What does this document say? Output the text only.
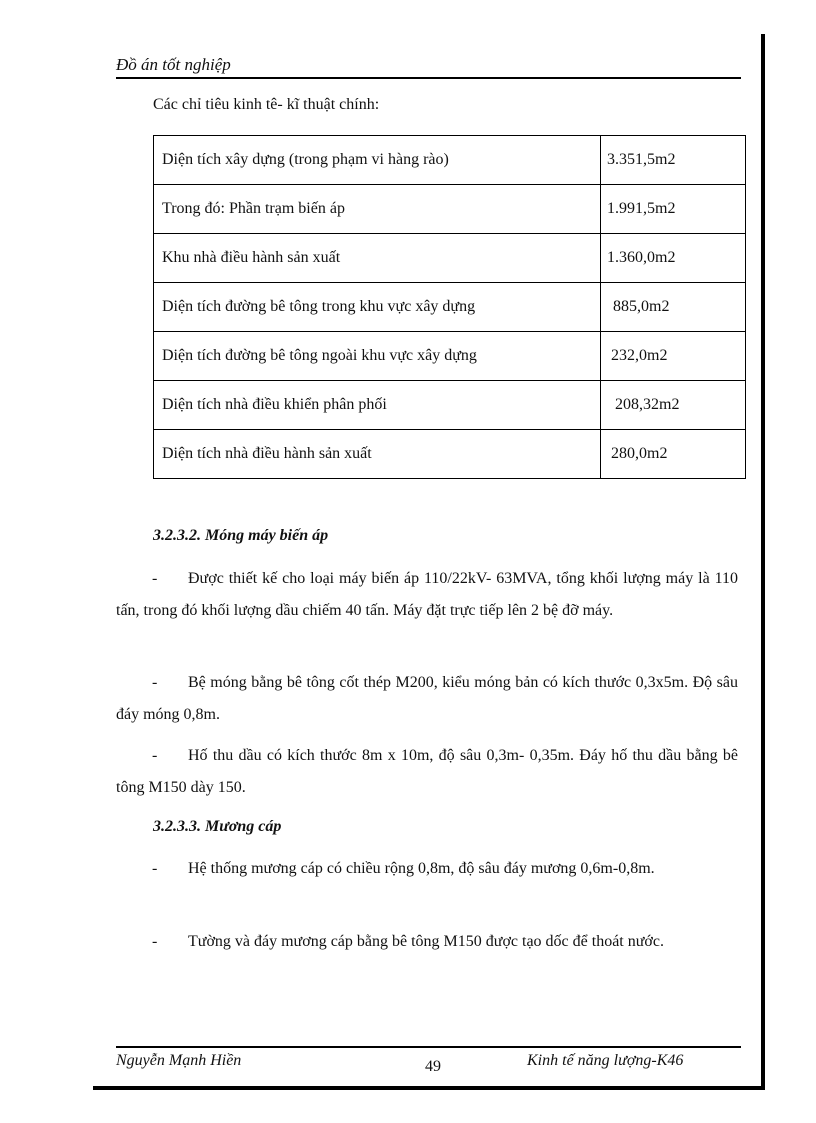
Đồ án tốt nghiệp
Các chỉ tiêu kinh tê- kĩ thuật chính:
Diện tích xây dựng (trong phạm vi hàng rào)	3.351,5m2
Trong đó: Phần trạm biến áp	1.991,5m2
Khu nhà điều hành sản xuất	1.360,0m2
Diện tích đường bê tông trong khu vực xây dựng	885,0m2
Diện tích đường bê tông ngoài khu vực xây dựng	232,0m2
Diện tích nhà điều khiển phân phối	208,32m2
Diện tích nhà điều hành sản xuất	280,0m2
3.2.3.2. Móng máy biến áp
- Được thiết kế cho loại máy biến áp 110/22kV- 63MVA, tổng khối lượng máy là 110 tấn, trong đó khối lượng dầu chiếm 40 tấn. Máy đặt trực tiếp lên 2 bệ đỡ máy.
- Bệ móng bằng bê tông cốt thép M200, kiểu móng bản có kích thước 0,3x5m. Độ sâu đáy móng 0,8m.
- Hố thu dầu có kích thước 8m x 10m, độ sâu 0,3m- 0,35m. Đáy hố thu dầu bằng bê tông M150 dày 150.
3.2.3.3. Mương cáp
- Hệ thống mương cáp có chiều rộng 0,8m, độ sâu đáy mương 0,6m-0,8m.
- Tường và đáy mương cáp bằng bê tông M150 được tạo dốc để thoát nước.
Nguyễn Mạnh Hiền	49	Kinh tế năng lượng-K46
